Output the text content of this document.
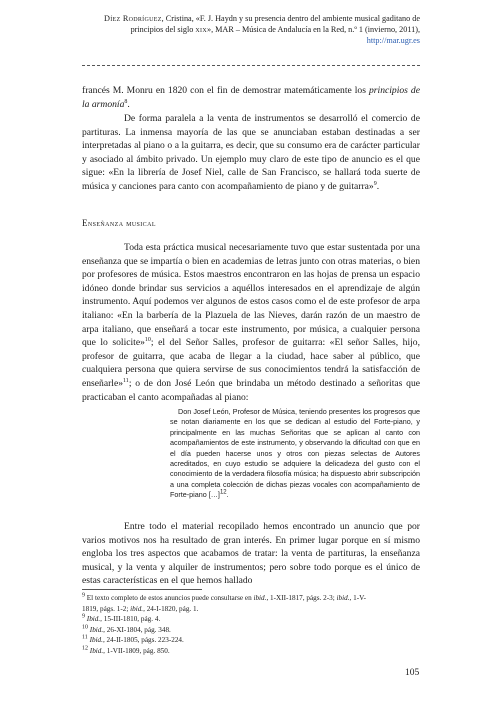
Díez Rodríguez, Cristina, «F. J. Haydn y su presencia dentro del ambiente musical gaditano de
principios del siglo xix», MAR – Música de Andalucía en la Red, n.º 1 (invierno, 2011),
http://mar.ugr.es

francés M. Monru en 1820 con el fin de demostrar matemáticamente los principios de la armonía$^8$.

De forma paralela a la venta de instrumentos se desarrolló el comercio de partituras. La inmensa mayoría de las que se anunciaban estaban destinadas a ser interpretadas al piano o a la guitarra, es decir, que su consumo era de carácter particular y asociado al ámbito privado. Un ejemplo muy claro de este tipo de anuncio es el que sigue: «En la librería de Josef Niel, calle de San Francisco, se hallará toda suerte de música y canciones para canto con acompañamiento de piano y de guitarra»$^9$.

Enseñanza musical

Toda esta práctica musical necesariamente tuvo que estar sustentada por una enseñanza que se impartía o bien en academias de letras junto con otras materias, o bien por profesores de música. Estos maestros encontraron en las hojas de prensa un espacio idóneo donde brindar sus servicios a aquéllos interesados en el aprendizaje de algún instrumento. Aquí podemos ver algunos de estos casos como el de este profesor de arpa italiano: «En la barbería de la Plazuela de las Nieves, darán razón de un maestro de arpa italiano, que enseñará a tocar este instrumento, por música, a cualquier persona que lo solicite»$^{10}$; el del Señor Salles, profesor de guitarra: «El señor Salles, hijo, profesor de guitarra, que acaba de llegar a la ciudad, hace saber al público, que cualquiera persona que quiera servirse de sus conocimientos tendrá la satisfacción de enseñarle»$^{11}$; o de don José León que brindaba un método destinado a señoritas que practicaban el canto acompañadas al piano:

Don Josef León, Profesor de Música, teniendo presentes los progresos que se notan diariamente en los que se dedican al estudio del Forte-piano, y principalmente en las muchas Señoritas que se aplican al canto con acompañamientos de este instrumento, y observando la dificultad con que en el día pueden hacerse unos y otros con piezas selectas de Autores acreditados, en cuyo estudio se adquiere la delicadeza del gusto con el conocimiento de la verdadera filosofía música; ha dispuesto abrir subscripción a una completa colección de dichas piezas vocales con acompañamiento de Forte-piano […]$^{12}$.

Entre todo el material recopilado hemos encontrado un anuncio que por varios motivos nos ha resultado de gran interés. En primer lugar porque en sí mismo engloba los tres aspectos que acabamos de tratar: la venta de partituras, la enseñanza musical, y la venta y alquiler de instrumentos; pero sobre todo porque es el único de estas características en el que hemos hallado

$^9$ El texto completo de estos anuncios puede consultarse en ibid., 1-XII-1817, págs. 2-3; ibid., 1-V-

1819, págs. 1-2; ibid., 24-I-1820, pág. 1.

$^9$ Ibid., 15-III-1810, pág. 4.

$^{10}$ Ibid., 26-XI-1804, pág. 348.

$^{11}$ Ibid., 24-II-1805, págs. 223-224.

$^{12}$ Ibid., 1-VII-1809, pág. 850.

105
